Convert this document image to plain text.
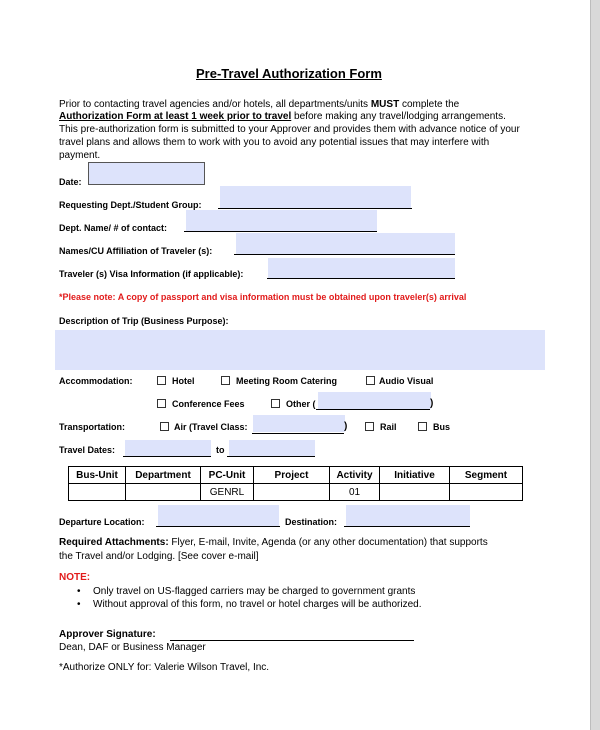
Pre-Travel Authorization Form
Prior to contacting travel agencies and/or hotels, all departments/units MUST complete the
Authorization Form at least 1 week prior to travel before making any travel/lodging arrangements.
This pre-authorization form is submitted to your Approver and provides them with advance notice of your
travel plans and allows them to work with you to avoid any potential issues that may interfere with
payment.
Date:
Requesting Dept./Student Group:
Dept. Name/ # of contact:
Names/CU Affiliation of Traveler (s):
Traveler (s) Visa Information (if applicable):
*Please note: A copy of passport and visa information must be obtained upon traveler(s) arrival
Description of Trip (Business Purpose):
Accommodation:	Hotel	Meeting Room Catering	Audio Visual
Conference Fees	Other (	)
Transportation:	Air (Travel Class:	)	Rail	Bus
Travel Dates:	to
Bus-Unit	Department	PC-Unit	Project	Activity	Initiative	Segment
		GENRL		01		
Departure Location:	Destination:
Required Attachments: Flyer, E-mail, Invite, Agenda (or any other documentation) that supports
the Travel and/or Lodging. [See cover e-mail]
NOTE:
• Only travel on US-flagged carriers may be charged to government grants
• Without approval of this form, no travel or hotel charges will be authorized.
Approver Signature:
Dean, DAF or Business Manager
*Authorize ONLY for: Valerie Wilson Travel, Inc.
